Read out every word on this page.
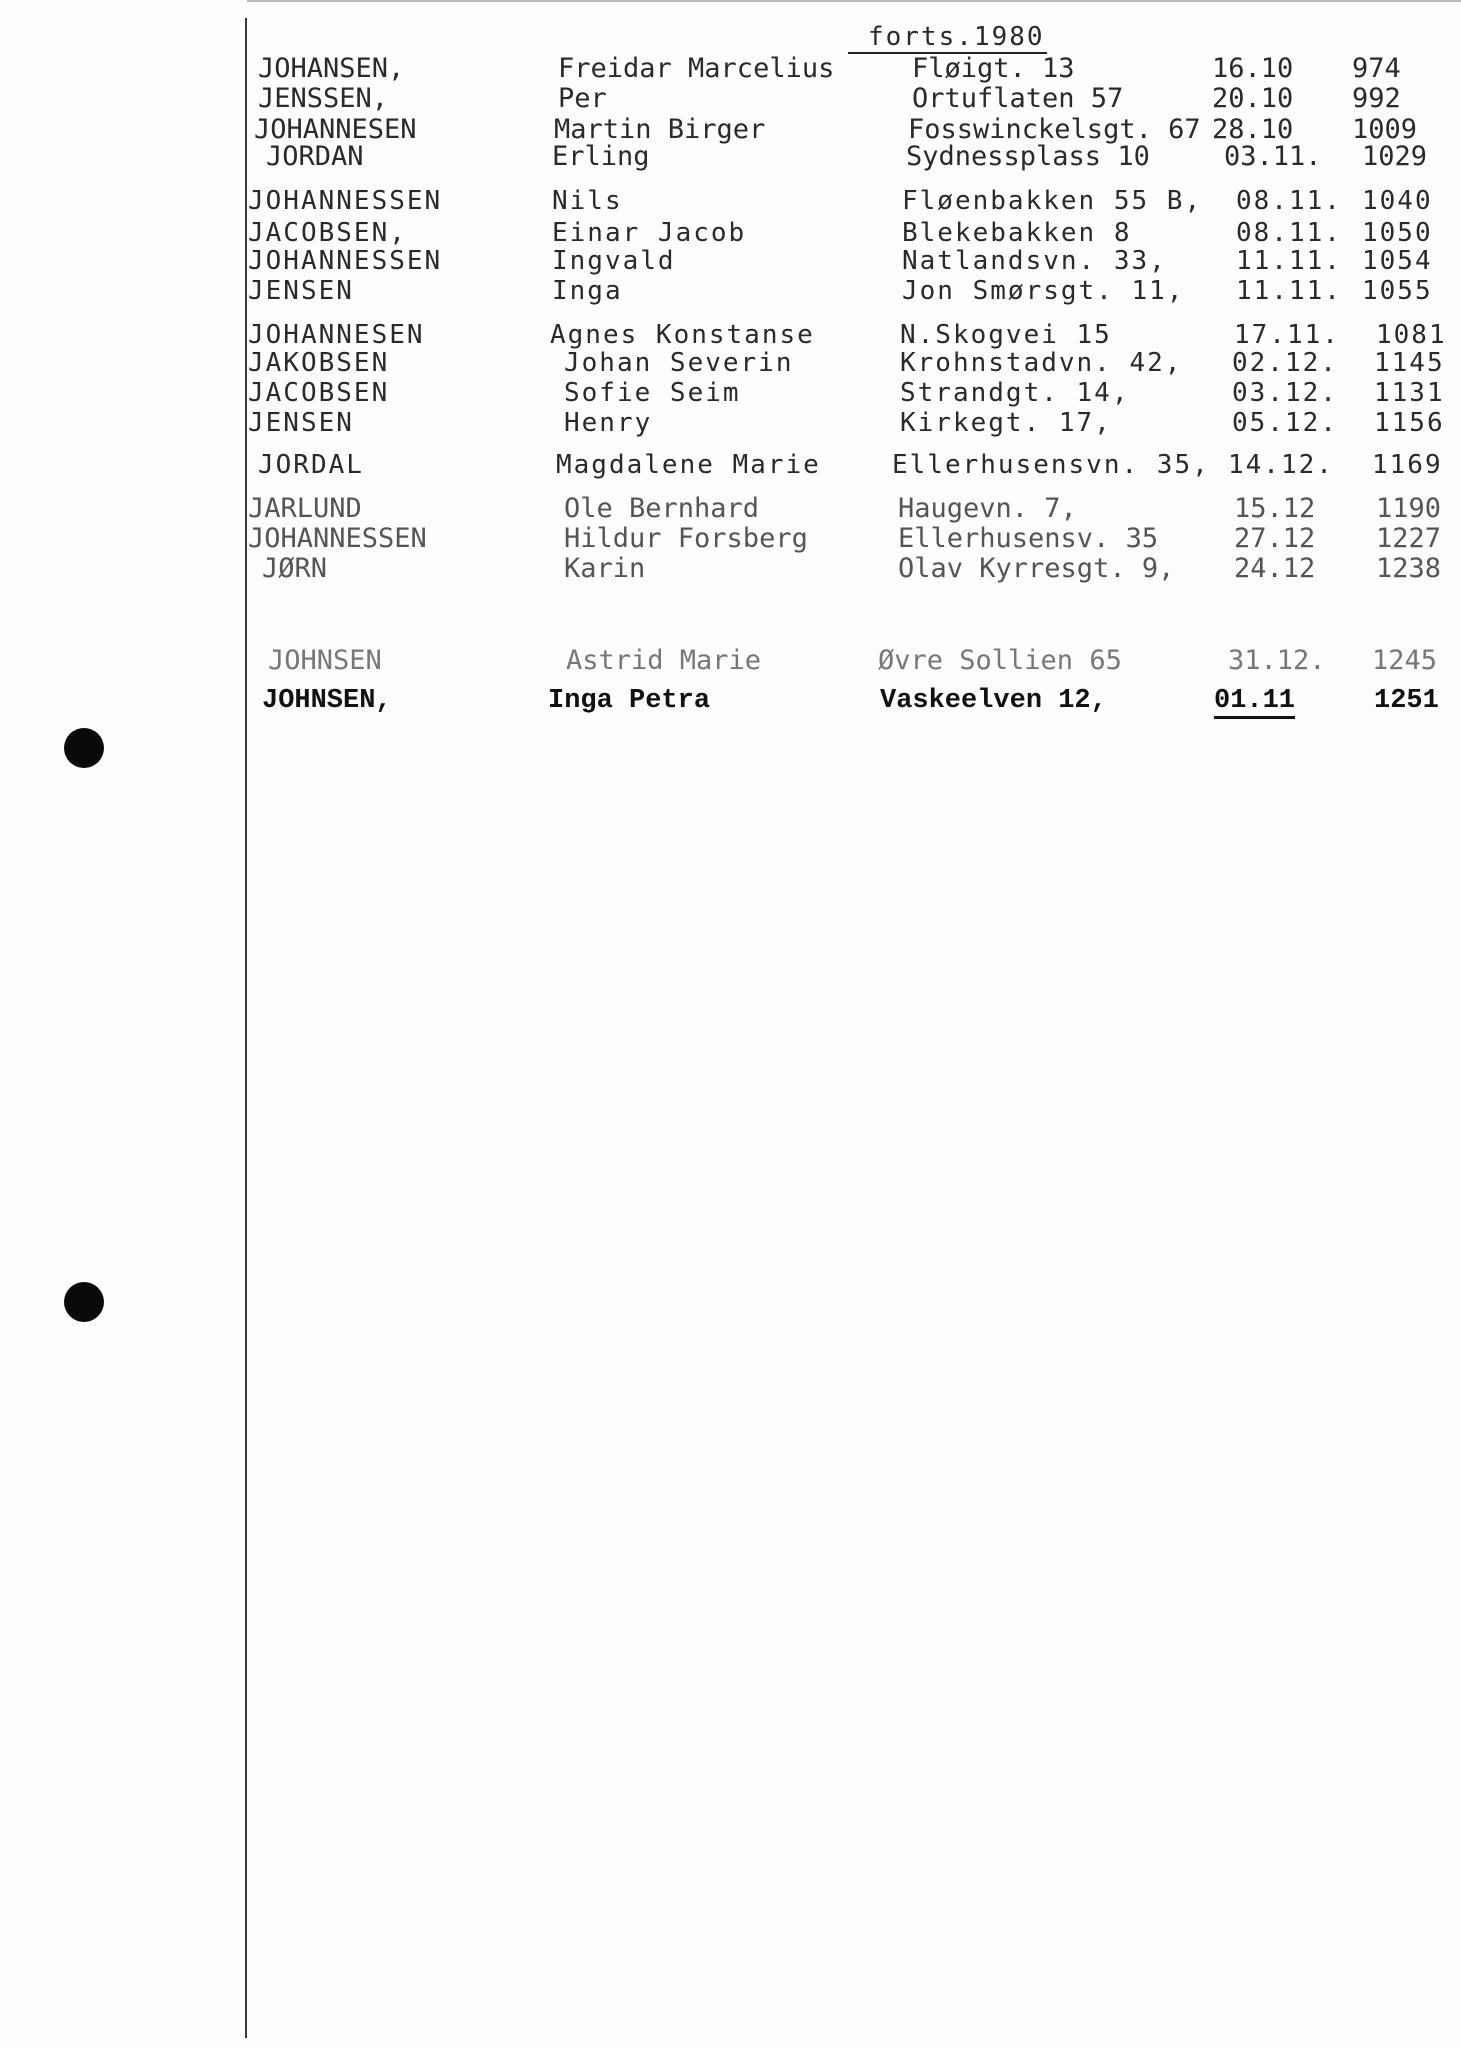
forts.1980
JOHANSEN,	Freidar Marcelius	Fløigt. 13	16.10 974
JENSSEN,	Per	Ortuflaten 57	20.10 992
JOHANNESEN	Martin Birger	Fosswinckelsgt. 67 28.10 1009
JORDAN	Erling	Sydnessplass 10	03.11. 1029
JOHANNESSEN	Nils	Fløenbakken 55 B, 08.11. 1040
JACOBSEN,	Einar Jacob	Blekebakken 8	08.11. 1050
JOHANNESSEN	Ingvald	Natlandsvn. 33,	11.11. 1054
JENSEN	Inga	Jon Smørsgt. 11, 11.11. 1055
JOHANNESEN	Agnes Konstanse	N.Skogvei 15	17.11. 1081
JAKOBSEN	Johan Severin	Krohnstadvn. 42, 02.12. 1145
JACOBSEN	Sofie Seim	Strandgt. 14,	03.12. 1131
JENSEN	Henry	Kirkegt. 17,	05.12. 1156
JORDAL	Magdalene Marie	Ellerhusensvn. 35, 14.12. 1169
JARLUND	Ole Bernhard	Haugevn. 7,	15.12 1190
JOHANNESSEN	Hildur Forsberg	Ellerhusensv. 35	27.12 1227
JØRN	Karin	Olav Kyrresgt. 9, 24.12 1238
JOHNSEN	Astrid Marie	Øvre Sollien 65	31.12. 1245
JOHNSEN,	Inga Petra	Vaskeelven 12,	01.11	1251
